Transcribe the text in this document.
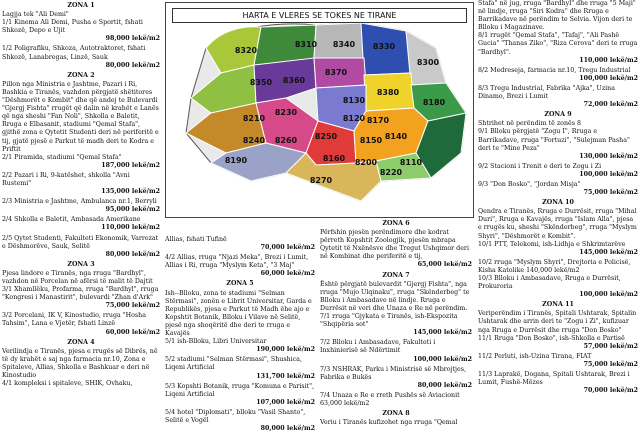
ZONA 1
Lagjja tek "Ali Demi"
1/1 Kinema Ali Demi, Pusha e Sportit, fshati Shkozë, Depo e Ujit
98,000 lekë/m2
1/2 Poligrafiku, Shkoza, Autotraktoret, fshati Shkozë, Lanabregas, Linzë, Sauk
80,000 lekë/m2
ZONA 2
Pillon nga Ministria e Jashtme, Pazari i Ri, Bashkia e Tiranës, vazhdon përgjatë shëtitores "Dëshmorët e Kombit" dhe që andej te Bulevardi "Gjergj Fishta" rrugët që dalin në krahët e Lanës që nga sheshi "Fan Noli", Shkolla e Baletit, Rruga e Elbasanit, stadiumi "Qemal Stafa", gjithë zona e Qytetit Studenti deri në periferitë e tij, gjatë pjesë e Parkut të madh deri te Kodra e Priftit
2/1 Piramida, stadiumi "Qemal Stafa"
187,000 lekë/m2
2/2 Pazari i Ri, 9-katëshet, shkolla "Avni Rustemi"
135,000 lekë/m2
2/3 Ministria e Jashtme, Ambulanca nr.1, Berryli
95,000 lekë/m2
2/4 Shkolla e Baletit, Ambasada Amerikane
110,000 lekë/m2
2/5 Qytet Studenti, Fakulteti Ekonomik, Varrezat e Dëshmorëve, Sauk, Selitë
80,000 lekë/m2
ZONA 3
Pjesa lindore e Tiranës, nga rruga "Bardhyl", vazhdon në Porcelan në afërsi të malit të Dajtit
3/1 Xhamllëku, Profarma, rruga "Bardhyl", rruga "Kongresi i Manastirit", bulevardi "Zhan d'Ark"
75,000 lekë/m2
3/2 Porcelani, IK V, Kinostudio, rruga "Hosha Tahsim", Lana e Vjetër, fshati Linzë
60,000 lekë/m2
ZONA 4
Verilindja e Tiranës, pjesa e rrugës së Dibrës, në të dy krahët e saj nga farmacia nr.10, Zona e Spitaleve, Allias, Shkolla e Bashkuar e deri në Kinostudio
4/1 kompleksi i spitaleve, SHIK, Ovhaku,
8320
8310 8340 8330
8300
8350 8360
8370
8380
8210
8230
8130
8120 8170
8180
8150 8140
8250
8260
8240
8190	8160	8110
8200
8270
8220
HARTA E VLERES SE TOKES NE TIRANE
Allias, fshati Tufinë
70,000 lekë/m2
4/2 Allias, rruga "Njazi Meka", Brezi i Lumit, Allias i Ri, rruga "Myslym Keta", "3 Maj"
60,000 lekë/m2
ZONA 5
Ish--Blloku, zona te stadiumi "Selman Stërmasi", zonën e Librit Universitar, Garda e Republikës, pjesa e Parkut të Madh ëhe ajo e Kopshtit Botanik, Blloku i Vilave në Selitë, pjesë nga shoqëritë dhe deri te rruga e Kavajës
5/1 ish-Blloku, Libri Universitar
190,000 lekë/m2
5/2 stadiumi "Selman Stërmasi", Shushica, Liqeni Artificial
131,700 lekë/m2
5/3 Kopshti Botanik, rruga "Komuna e Parisit", Liqeni Artificial
107,000 lekë/m2
5/4 hotel "Diplomati", blloku "Vasil Shanto", Selitë e Vogël
80,000 lekë/m2
ZONA 6
Përfshin pjesën perëndimore dhe kodrat përreth Kopshtit Zoologjik, pjesën mbrapa Qytetit të Nxënësve dhe Tregut Ushqimor deri në Kombinat dhe periferitë e tij,
65,000 lekë/m2
ZONA 7
Është përgjatë bulevardit "Gjergj Fishta", nga rruga "Mujo Ulqinaku", rruga "Skënderbeg" te Blloku i Ambasadave në lindje. Rruga e Durrësit në veri dhe Unaza e Re në perëndim.
7/1 rruga "Gjykata e Tiranës, ish-Ekspozita "Shqipëria sot"
145,000 lekë/m2
7/2 Blloku i Ambasadave, Fakulteti i Inxhinierisë së Ndërtimit
100,000 lekë/m2
7/3 NSHRAK, Parku i Ministrisë së Mbrojtjes, Fabrika e Bukës
80,000 lekë/m2
7/4 Unaza e Re e rreth Pushës së Aviacionit 63,000 lekë/m2
ZONA 8
Veriu i Tiranës kufizohet nga rruga "Qemal
Stafa" në jug, rruga "Bardhyl" dhe rruga "5 Maji" në lindje, rruga "Siri Kodra" dhe Rruga e Barrikadave në perëndim te Selvia. Vijon deri te Blloku i Magazinave.
8/1 rrugët "Qemal Stafa", "Tafaj", "Ali Pashë Gucia" "Thanas Ziko", "Riza Cerova" deri te rruga "Bardhyl".
110,000 lekë/m2
8/2 Medreseja, farmacia nr.10, Tregu Industrial
100,000 lekë/m2
8/3 Tregu Industrial, Fabrika "Ajka", Uzina Dinamo, Brezi i Lumit
72,000 lekë/m2
ZONA 9
Shtrihet në perëndim të zonës 8
9/1 Blloku përgjatë "Zogu I", Rruga e Barrikadave, rruga "Fortuzi", "Sulejman Pasha" deri te "Mine Peza"
130,000 lekë/m2
9/2 Stacioni i Trenit e deri te Zogu i Zi
100,000 lekë/m2
9/3 "Don Bosko", "Jordan Misja"
75,000 lekë/m2
ZONA 10
Qendra e Tiranës, Rruga e Durrësit, rruga "Mihal Duri", Rruga e Kavajës, rruga "Islam Alla", pjesa e rrugës ku, sheshi "Skënderbeg", rruga "Myslym Shyri", "Dëshmorët e Kombit".
10/1 PTT, Telekomi, ish-Lidhja e Shkrimtarëve
145,000 lekë/m2
10/2 rruga "Myslym Shyri", Drejtoria e Policisë, Kisha Katolike 140,000 lekë/m2
10/3 Blloku i Ambasadave, Rruga e Durrësit, Prokuroria
100,000 lekë/m2
ZONA 11
Veriperëndim i Tiranës, Spitali Ushtarak, Spitalin Ushtarak dhe arrin deri te "Zogu i Zi", kufizuar nga Rruga e Durrësit dhe rruga "Don Bosko"
11/1 Rruga "Don Bosko", ish-Shkolla e Partisë
57,000 lekë/m2
11/2 Perluti, ish-Uzina Tirana, FIAT
75,000 lekë/m2
11/3 Laprakë, Dogana, Spitali Ushtarak, Brezi i Lumit, Fushë-Mëzes
70,000 lekë/m2
